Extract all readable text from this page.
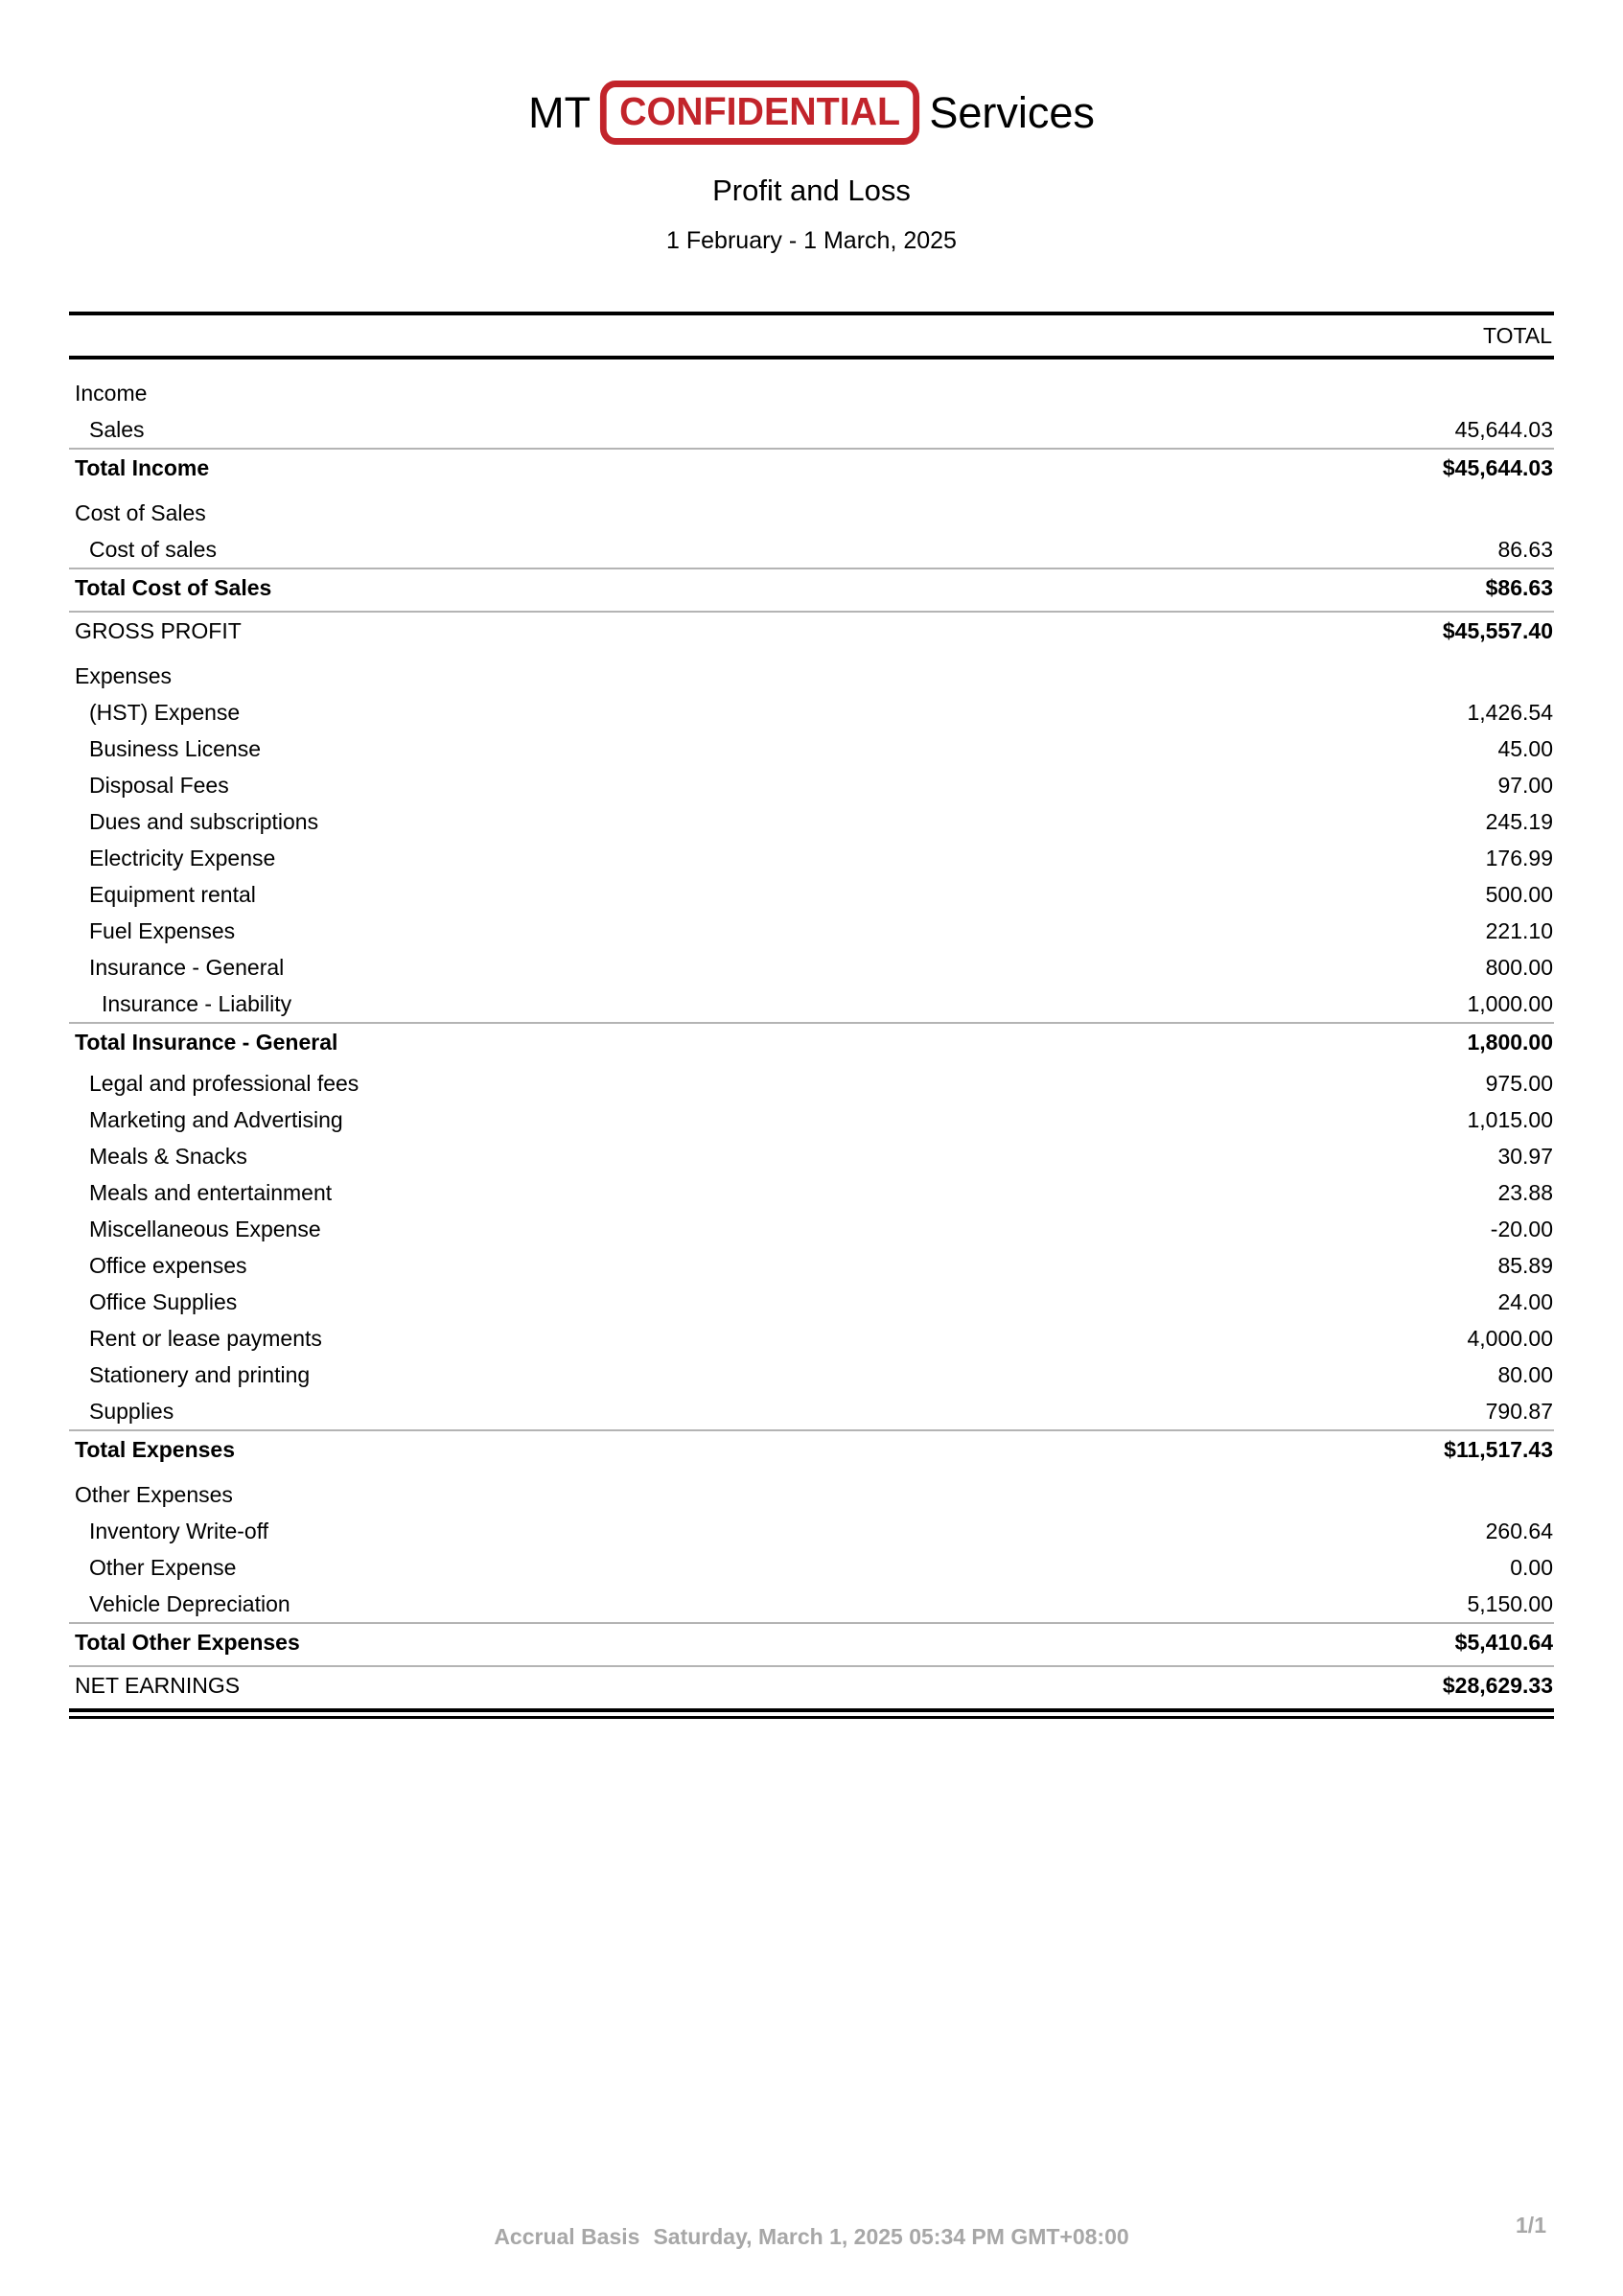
MT CONFIDENTIAL Services
Profit and Loss
1 February - 1 March, 2025
TOTAL
Income
Sales	45,644.03
Total Income	$45,644.03
Cost of Sales
Cost of sales	86.63
Total Cost of Sales	$86.63
GROSS PROFIT	$45,557.40
Expenses
(HST) Expense	1,426.54
Business License	45.00
Disposal Fees	97.00
Dues and subscriptions	245.19
Electricity Expense	176.99
Equipment rental	500.00
Fuel Expenses	221.10
Insurance - General	800.00
Insurance - Liability	1,000.00
Total Insurance - General	1,800.00
Legal and professional fees	975.00
Marketing and Advertising	1,015.00
Meals & Snacks	30.97
Meals and entertainment	23.88
Miscellaneous Expense	-20.00
Office expenses	85.89
Office Supplies	24.00
Rent or lease payments	4,000.00
Stationery and printing	80.00
Supplies	790.87
Total Expenses	$11,517.43
Other Expenses
Inventory Write-off	260.64
Other Expense	0.00
Vehicle Depreciation	5,150.00
Total Other Expenses	$5,410.64
NET EARNINGS	$28,629.33
Accrual Basis Saturday, March 1, 2025 05:34 PM GMT+08:00	1/1
